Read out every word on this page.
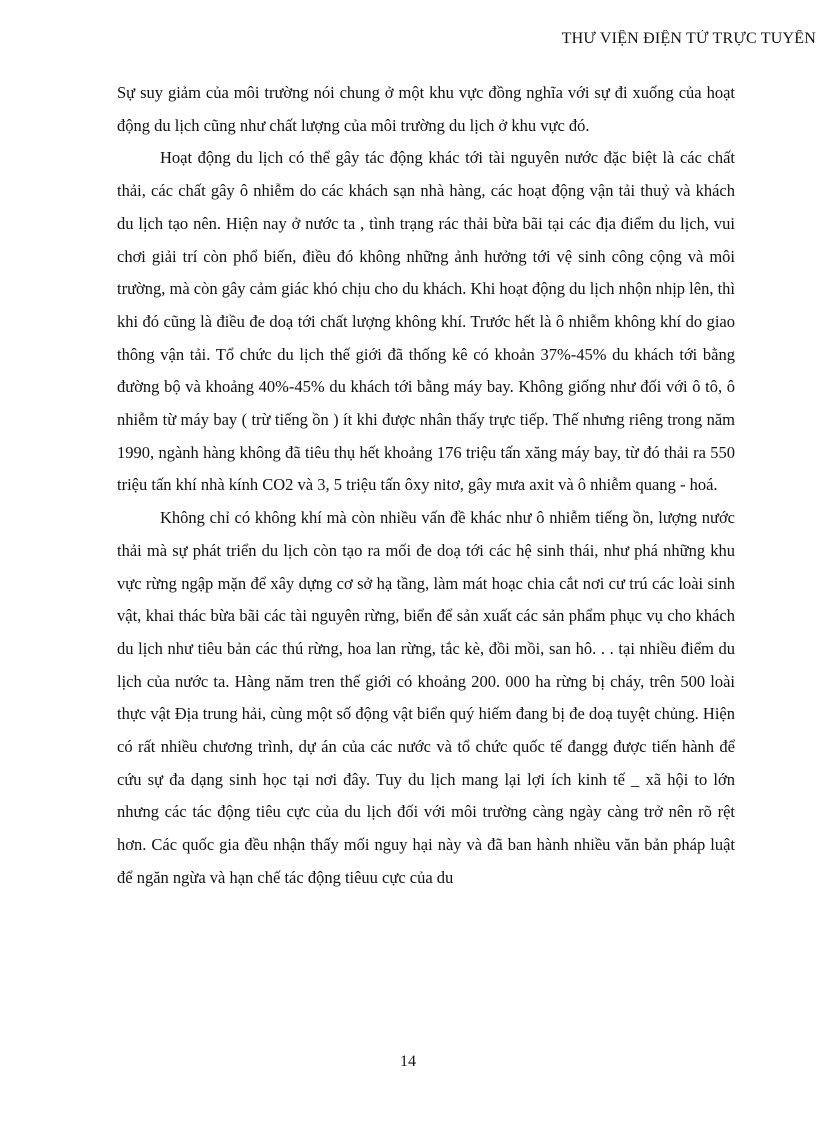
THƯ VIỆN ĐIỆN TỬ TRỰC TUYẾN

Sự suy giảm của môi trường nói chung ở một khu vực đồng nghĩa với sự đi xuống của hoạt động du lịch cũng như chất lượng của môi trường du lịch ở khu vực đó.

Hoạt động du lịch có thể gây tác động khác tới tài nguyên nước đặc biệt là các chất thải, các chất gây ô nhiễm do các khách sạn nhà hàng, các hoạt động vận tải thuỷ và khách du lịch tạo nên. Hiện nay ở nước ta , tình trạng rác thải bừa bãi tại các địa điểm du lịch, vui chơi giải trí còn phổ biến, điều đó không những ảnh hưởng tới vệ sinh công cộng và môi trường, mà còn gây cảm giác khó chịu cho du khách. Khi hoạt động du lịch nhộn nhịp lên, thì khi đó cũng là điều đe doạ tới chất lượng không khí. Trước hết là ô nhiễm không khí do giao thông vận tải. Tổ chức du lịch thế giới đã thống kê có khoản 37%-45% du khách tới bằng đường bộ và khoảng 40%-45% du khách tới bằng máy bay. Không giống như đối với ô tô, ô nhiễm từ máy bay ( trừ tiếng ồn ) ít khi được nhân thấy trực tiếp. Thế nhưng riêng trong năm 1990, ngành hàng không đã tiêu thụ hết khoảng 176 triệu tấn xăng máy bay, từ đó thải ra 550 triệu tấn khí nhà kính CO2 và 3, 5 triệu tấn ôxy nitơ, gây mưa axit và ô nhiễm quang - hoá.

Không chỉ có không khí mà còn nhiều vấn đề khác như ô nhiễm tiếng ồn, lượng nước thải mà sự phát triển du lịch còn tạo ra mối đe doạ tới các hệ sinh thái, như phá những khu vực rừng ngập mặn để xây dựng cơ sở hạ tầng, làm mát hoạc chia cắt nơi cư trú các loài sinh vật, khai thác bừa bãi các tài nguyên rừng, biển để sản xuất các sản phẩm phục vụ cho khách du lịch như tiêu bản các thú rừng, hoa lan rừng, tắc kè, đồi mồi, san hô. . . tại nhiều điểm du lịch của nước ta. Hàng năm tren thế giới có khoảng 200. 000 ha rừng bị cháy, trên 500 loài thực vật Địa trung hải, cùng một số động vật biển quý hiếm đang bị đe doạ tuyệt chủng. Hiện có rất nhiều chương trình, dự án của các nước và tổ chức quốc tế đangg được tiến hành để cứu sự đa dạng sinh học tại nơi đây. Tuy du lịch mang lại lợi ích kinh tế _ xã hội to lớn nhưng các tác động tiêu cực của du lịch đối với môi trường càng ngày càng trở nên rõ rệt hơn. Các quốc gia đều nhận thấy mối nguy hại này và đã ban hành nhiều văn bản pháp luật để ngăn ngừa và hạn chế tác động tiêuu cực của du

14
